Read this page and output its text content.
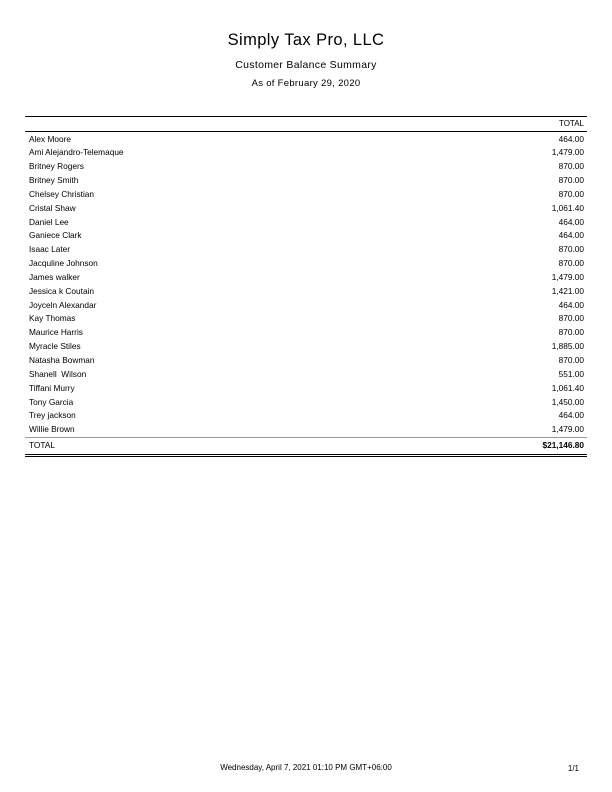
Simply Tax Pro, LLC
Customer Balance Summary
As of February 29, 2020
TOTAL
Alex Moore	464.00
Ami Alejandro-Telemaque	1,479.00
Britney Rogers	870.00
Britney Smith	870.00
Chelsey Christian	870.00
Cristal Shaw	1,061.40
Daniel Lee	464.00
Ganiece Clark	464.00
Isaac Later	870.00
Jacquline Johnson	870.00
James walker	1,479.00
Jessica k Coutain	1,421.00
Joyceln Alexandar	464.00
Kay Thomas	870.00
Maurice Harris	870.00
Myracle Stiles	1,885.00
Natasha Bowman	870.00
Shanell  Wilson	551.00
Tiffani Murry	1,061.40
Tony Garcia	1,450.00
Trey jackson	464.00
Willie Brown	1,479.00
TOTAL	$21,146.80
Wednesday, April 7, 2021 01:10 PM GMT+06:00	1/1
